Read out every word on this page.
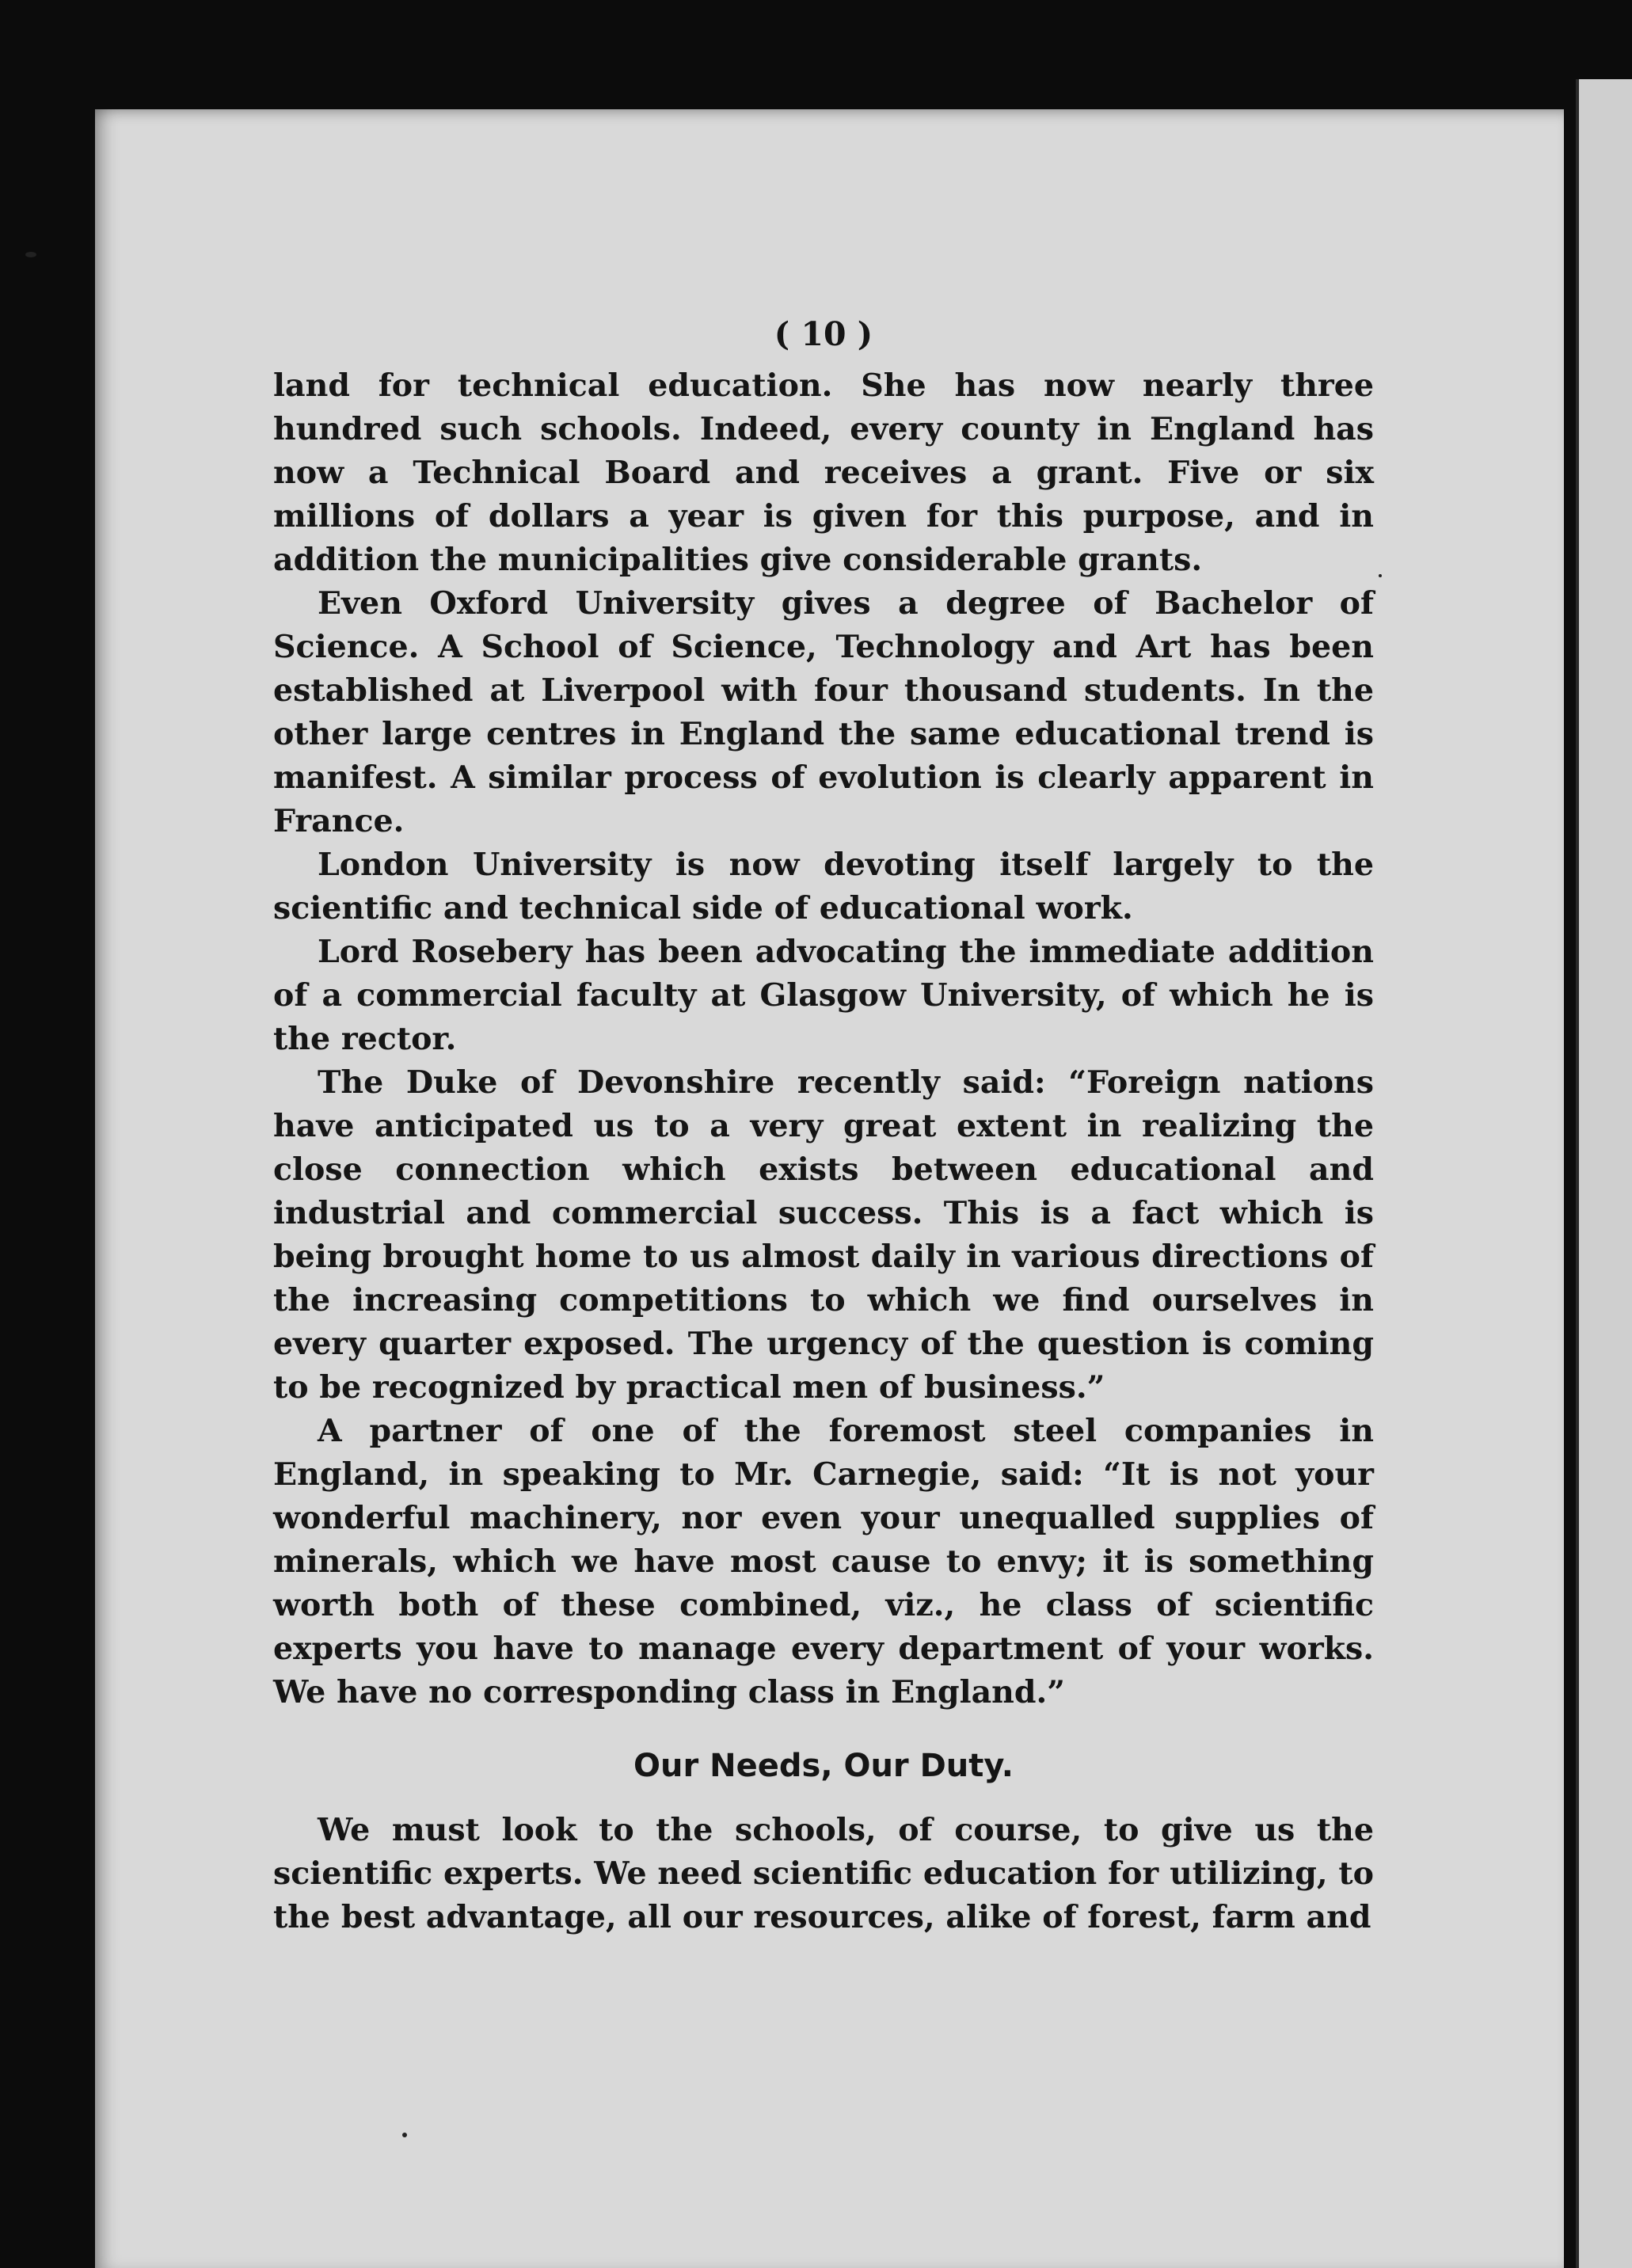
( 10 )

land for technical education. She has now nearly three hundred such schools. Indeed, every county in England has now a Technical Board and receives a grant. Five or six millions of dollars a year is given for this purpose, and in addition the municipalities give considerable grants.

Even Oxford University gives a degree of Bachelor of Science. A School of Science, Technology and Art has been established at Liverpool with four thousand students. In the other large centres in England the same educational trend is manifest. A similar process of evolution is clearly apparent in France.

London University is now devoting itself largely to the scientific and technical side of educational work.

Lord Rosebery has been advocating the immediate addition of a commercial faculty at Glasgow University, of which he is the rector.

The Duke of Devonshire recently said: “Foreign nations have anticipated us to a very great extent in realizing the close connection which exists between educational and industrial and commercial success. This is a fact which is being brought home to us almost daily in various directions of the increasing competitions to which we find ourselves in every quarter exposed. The urgency of the question is coming to be recognized by practical men of business.”

A partner of one of the foremost steel companies in England, in speaking to Mr. Carnegie, said: “It is not your wonderful machinery, nor even your unequalled supplies of minerals, which we have most cause to envy; it is something worth both of these combined, viz., he class of scientific experts you have to manage every department of your works. We have no corresponding class in England.”

Our Needs, Our Duty.

We must look to the schools, of course, to give us the scientific experts. We need scientific education for utilizing, to the best advantage, all our resources, alike of forest, farm and
